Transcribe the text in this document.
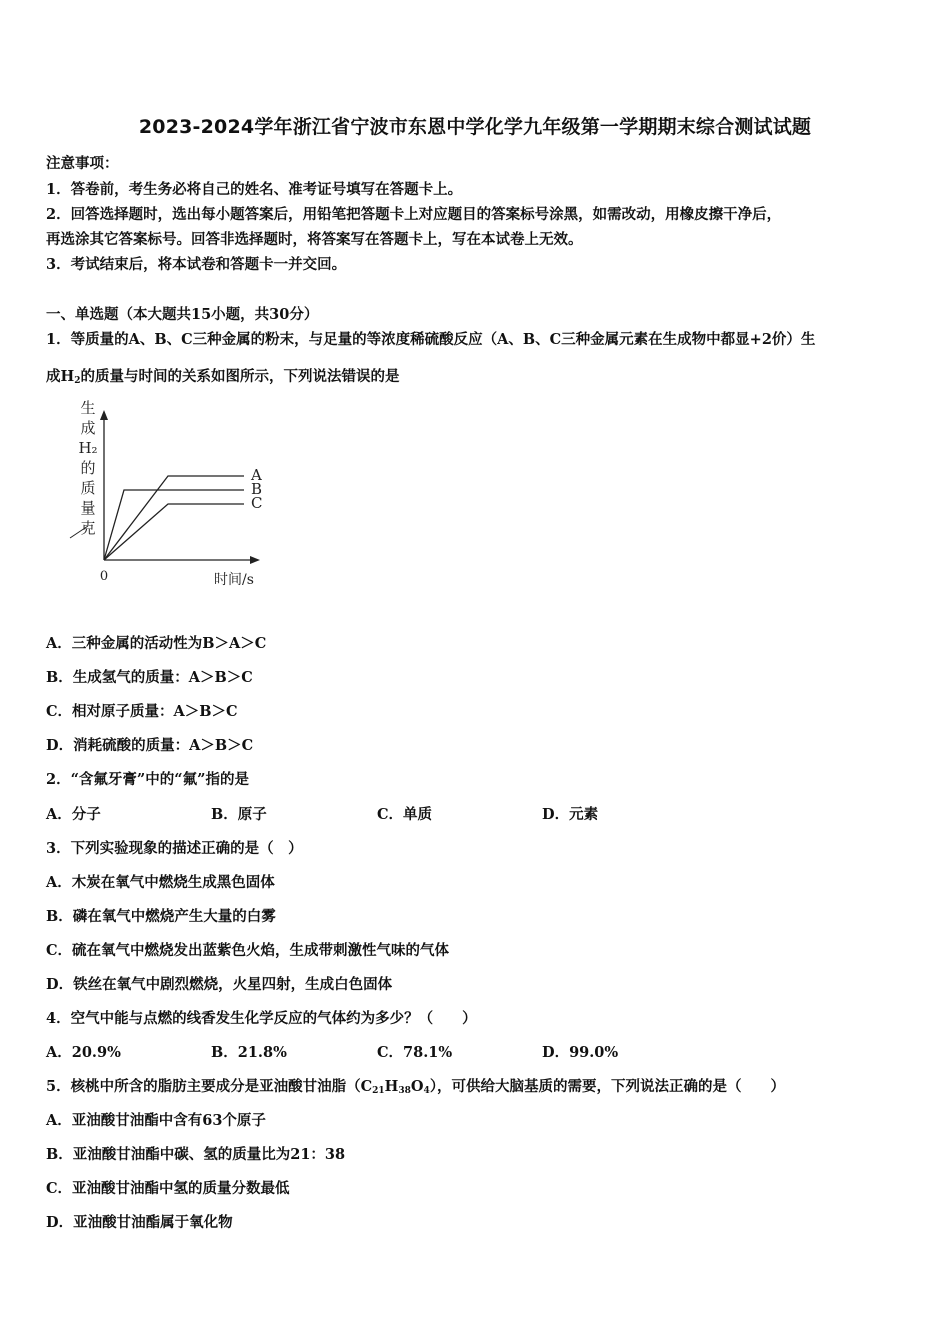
2023-2024学年浙江省宁波市东恩中学化学九年级第一学期期末综合测试试题
注意事项：
1．答卷前，考生务必将自己的姓名、准考证号填写在答题卡上。
2．回答选择题时，选出每小题答案后，用铅笔把答题卡上对应题目的答案标号涂黑，如需改动，用橡皮擦干净后，
再选涂其它答案标号。回答非选择题时，将答案写在答题卡上，写在本试卷上无效。
3．考试结束后，将本试卷和答题卡一并交回。
一、单选题（本大题共15小题，共30分）
1．等质量的A、B、C三种金属的粉末，与足量的等浓度稀硫酸反应（A、B、C三种金属元素在生成物中都显+2价）生
成$H_2$的质量与时间的关系如图所示，下列说法错误的是
生
成
H₂
的
质
量
克
0	时间/s
A
B
C
A．三种金属的活动性为B＞A＞C
B．生成氢气的质量：A＞B＞C
C．相对原子质量：A＞B＞C
D．消耗硫酸的质量：A＞B＞C
2．“含氟牙膏”中的“氟”指的是
A．分子	B．原子	C．单质	D．元素
3．下列实验现象的描述正确的是（　）
A．木炭在氧气中燃烧生成黑色固体
B．磷在氧气中燃烧产生大量的白雾
C．硫在氧气中燃烧发出蓝紫色火焰，生成带刺激性气味的气体
D．铁丝在氧气中剧烈燃烧，火星四射，生成白色固体
4．空气中能与点燃的线香发生化学反应的气体约为多少？（　　）
A．20.9%	B．21.8%	C．78.1%	D．99.0%
5．核桃中所含的脂肪主要成分是亚油酸甘油脂$(C_{21}H_{38}O_4)$，可供给大脑基质的需要，下列说法正确的是（　　）
A．亚油酸甘油酯中含有63个原子
B．亚油酸甘油酯中碳、氢的质量比为21：38
C．亚油酸甘油酯中氢的质量分数最低
D．亚油酸甘油酯属于氧化物
